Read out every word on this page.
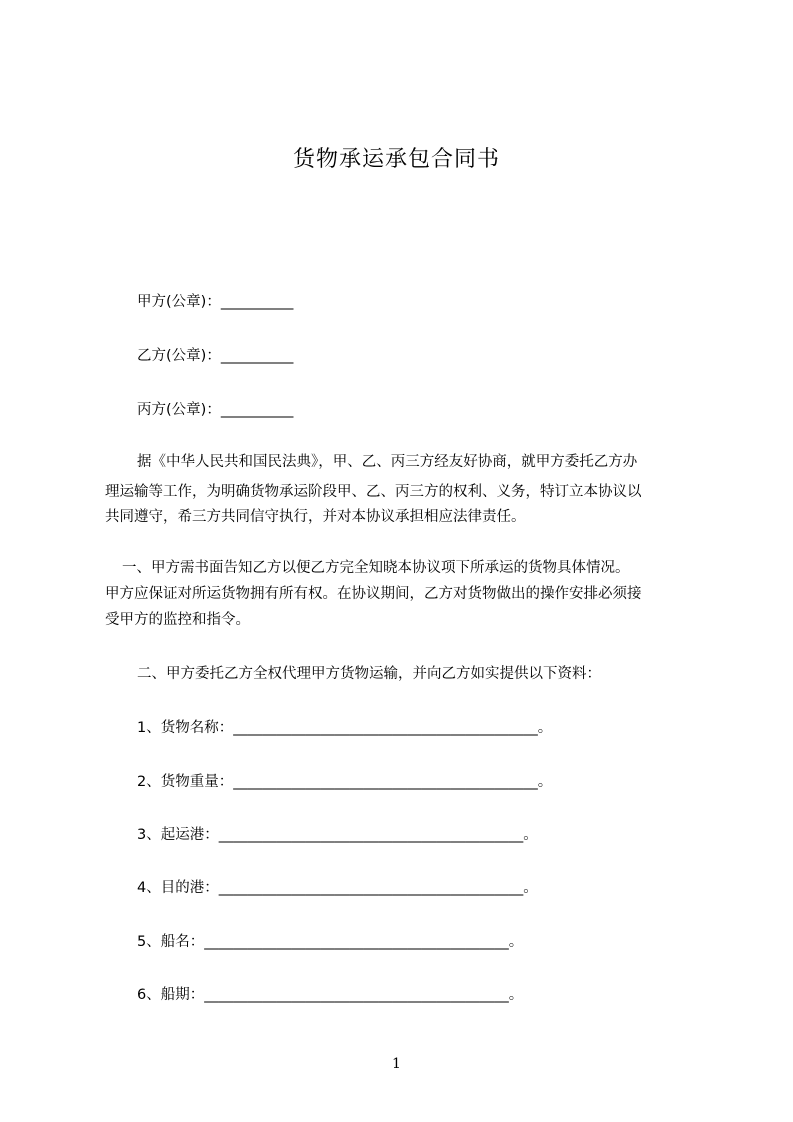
货物承运承包合同书
甲方(公章)：__________
乙方(公章)：__________
丙方(公章)：__________
据《中华人民共和国民法典》，甲、乙、丙三方经友好协商，就甲方委托乙方办
理运输等工作，为明确货物承运阶段甲、乙、丙三方的权利、义务，特订立本协议以
共同遵守，希三方共同信守执行，并对本协议承担相应法律责任。
一、甲方需书面告知乙方以便乙方完全知晓本协议项下所承运的货物具体情况。
甲方应保证对所运货物拥有所有权。在协议期间，乙方对货物做出的操作安排必须接
受甲方的监控和指令。
二、甲方委托乙方全权代理甲方货物运输，并向乙方如实提供以下资料：
1、货物名称：__________________________________________。
2、货物重量：__________________________________________。
3、起运港：__________________________________________。
4、目的港：__________________________________________。
5、船名：__________________________________________。
6、船期：__________________________________________。
1
